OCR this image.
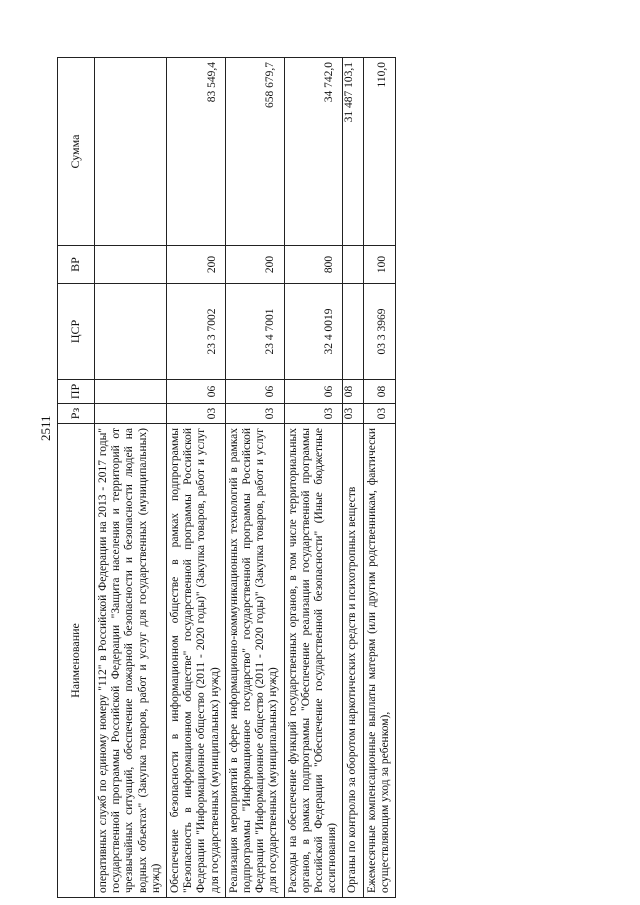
2511
Наименование	Рз	ПР	ЦСР	ВР	Сумма
оперативных служб по единому номеру "112" в Российской Федерации на 2013 - 2017 годы" государственной программы Российской Федерации "Защита населения и территорий от чрезвычайных ситуаций, обеспечение пожарной безопасности и безопасности людей на водных объектах" (Закупка товаров, работ и услуг для государственных (муниципальных) нужд)					
Обеспечение безопасности в информационном обществе в рамках подпрограммы "Безопасность в информационном обществе" государственной программы Российской Федерации "Информационное общество (2011 - 2020 годы)" (Закупка товаров, работ и услуг для государственных (муниципальных) нужд)	03	06	23 3 7002	200	83 549,4
Реализация мероприятий в сфере информационно-коммуникационных технологий в рамках подпрограммы "Информационное государство" государственной программы Российской Федерации "Информационное общество (2011 - 2020 годы)" (Закупка товаров, работ и услуг для государственных (муниципальных) нужд)	03	06	23 4 7001	200	658 679,7
Расходы на обеспечение функций государственных органов, в том числе территориальных органов, в рамках подпрограммы "Обеспечение реализации государственной программы Российской Федерации "Обеспечение государственной безопасности" (Иные бюджетные ассигнования)	03	06	32 4 0019	800	34 742,0
Органы по контролю за оборотом наркотических средств и психотропных веществ	03	08			31 487 103,1
Ежемесячные компенсационные выплаты матерям (или другим родственникам, фактически осуществляющим уход за ребенком),	03	08	03 3 3969	100	110,0
